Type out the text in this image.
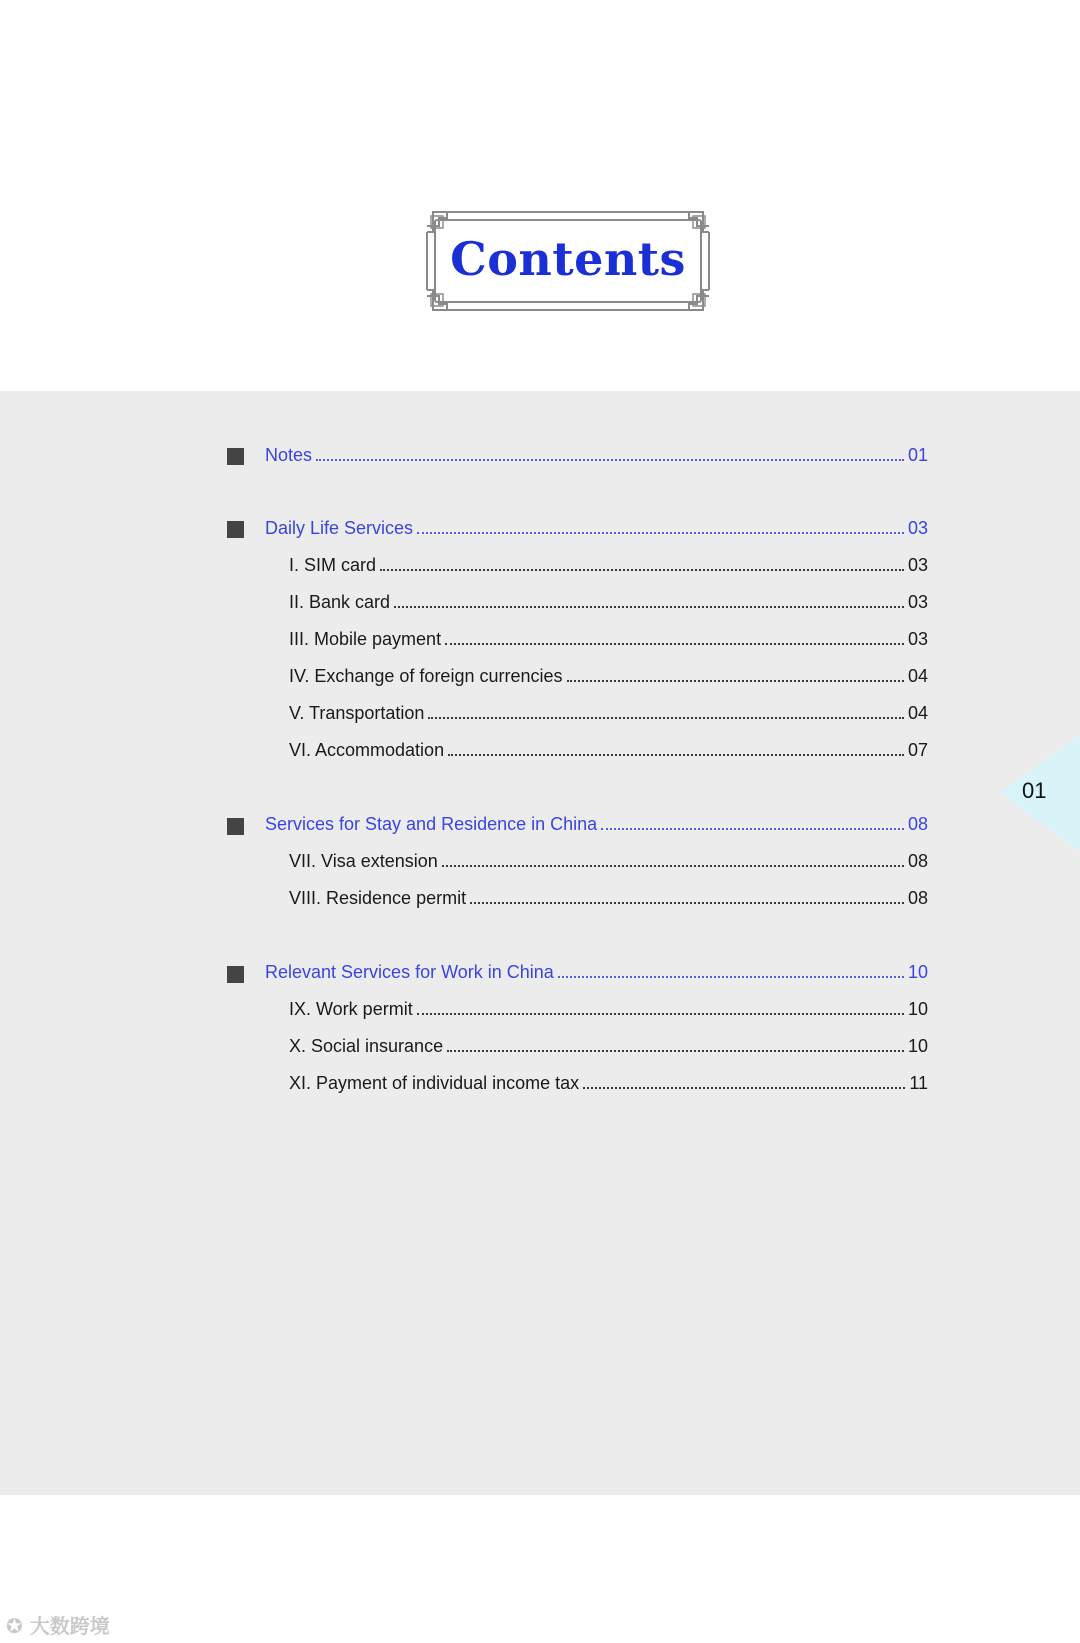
Contents
Notes	01
Daily Life Services	03
I. SIM card	03
II. Bank card	03
III. Mobile payment	03
IV. Exchange of foreign currencies	04
V. Transportation	04
VI. Accommodation	07
Services for Stay and Residence in China	08
VII. Visa extension	08
VIII. Residence permit	08
Relevant Services for Work in China	10
IX. Work permit	10
X. Social insurance	10
XI. Payment of individual income tax	11
01
✪ 大数跨境
